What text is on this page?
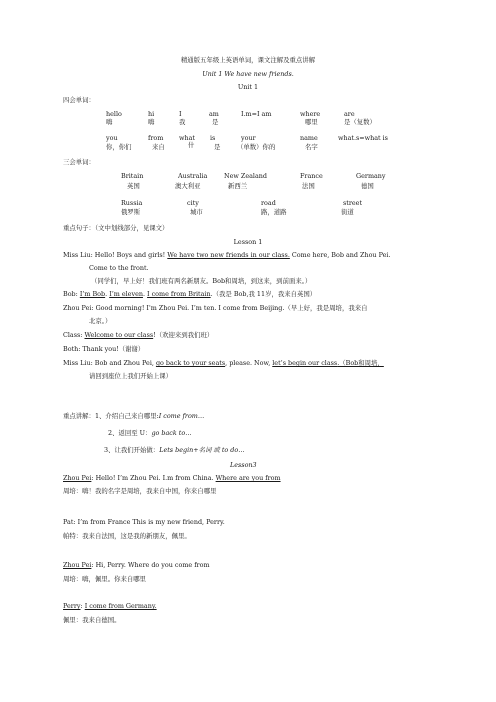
精通版五年级上英语单词，课文注解及重点讲解
Unit 1 We have new friends.
Unit 1
四会单词：
hello
嗨
hi
嗨
I
我
am
是
I.m=I am	where
哪里
are
是（复数）
you
你，你们
from
来自
what
什
is
是
your
（单数）你的
name
名字
what.s=what is
三会单词：
Britain
英国
Australia
澳大利亚
New Zealand
新西兰
France
法国
Germany
德国
Russia
俄罗斯
city
城市
road
路，道路
street
街道
重点句子：（文中划线部分，见课文）
Lesson 1
Miss Liu: Hello! Boys and girls! We have two new friends in our class. Come here, Bob and Zhou Pei.
Come to the front.
（同学们，早上好！我们班有两名新朋友。Bob和周培，到这来，到前面来。）
Bob: I’m Bob. I’m eleven. I come from Britain.（我是 Bob,我 11岁，我来自英国）
Zhou Pei: Good morning! I'm Zhou Pei. I’m ten. I come from Beijing.（早上好，我是周培，我来自
北京。）
Class: Welcome to our class!（欢迎来到我们班）
Both: Thank you!（谢谢）
Miss Liu: Bob and Zhou Pei, go back to your seats, please. Now, let’s begin our class.（Bob和周培，
请回到座位上我们开始上课）
重点讲解：1、介绍自己来自哪里:I come from…
2、返回至 U：go back to…
3、让我们开始做：Lets begin+名词 或 to do…
Lesson3
Zhou Pei: Hello! I’m Zhou Pei. I.m from China. Where are you from
周培：嗨！我的名字是周培，我来自中国，你来自哪里
Pat: I’m from France This is my new friend, Perry.
帕特：我来自法国，这是我的新朋友，佩里。
Zhou Pei: Hi, Perry. Where do you come from
周培：嗨，佩里。你来自哪里
Perry: I come from Germany.
佩里：我来自德国。
